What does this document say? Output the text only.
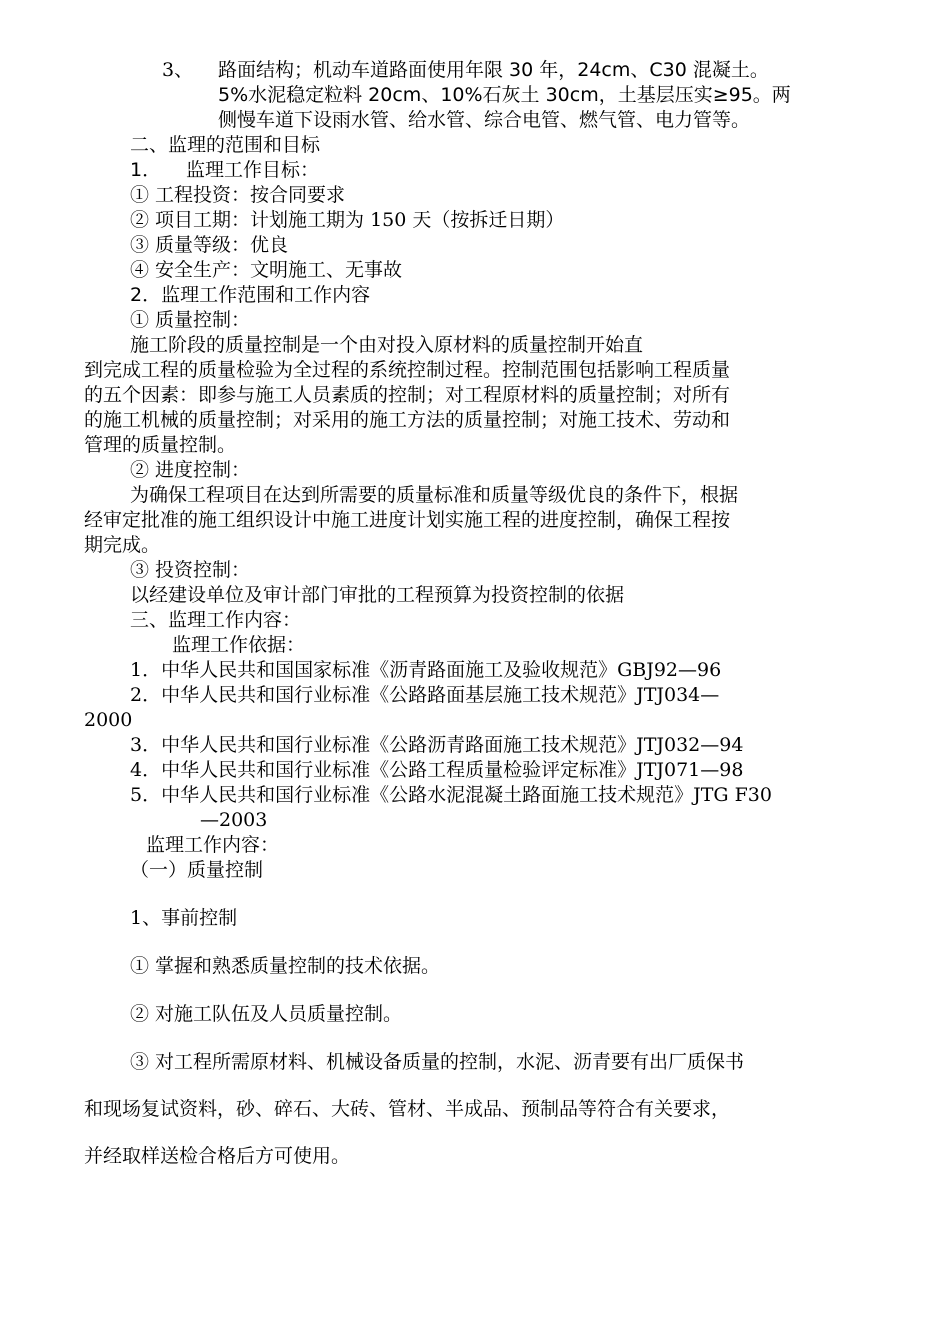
3、 路面结构；机动车道路面使用年限 30 年，24cm、C30 混凝土。
5%水泥稳定粒料 20cm、10%石灰土 30cm，土基层压实≥95。两
侧慢车道下设雨水管、给水管、综合电管、燃气管、电力管等。
二、监理的范围和目标
1． 监理工作目标：
① 工程投资：按合同要求
② 项目工期：计划施工期为 150 天（按拆迁日期）
③ 质量等级：优良
④ 安全生产：文明施工、无事故
2．监理工作范围和工作内容
① 质量控制：
施工阶段的质量控制是一个由对投入原材料的质量控制开始直
到完成工程的质量检验为全过程的系统控制过程。控制范围包括影响工程质量
的五个因素：即参与施工人员素质的控制；对工程原材料的质量控制；对所有
的施工机械的质量控制；对采用的施工方法的质量控制；对施工技术、劳动和
管理的质量控制。
② 进度控制：
为确保工程项目在达到所需要的质量标准和质量等级优良的条件下，根据
经审定批准的施工组织设计中施工进度计划实施工程的进度控制，确保工程按
期完成。
③ 投资控制：
以经建设单位及审计部门审批的工程预算为投资控制的依据
三、监理工作内容：
监理工作依据：
1．中华人民共和国国家标准《沥青路面施工及验收规范》GBJ92—96
2．中华人民共和国行业标准《公路路面基层施工技术规范》JTJ034—
2000
3．中华人民共和国行业标准《公路沥青路面施工技术规范》JTJ032—94
4．中华人民共和国行业标准《公路工程质量检验评定标准》JTJ071—98
5．中华人民共和国行业标准《公路水泥混凝土路面施工技术规范》JTG F30
—2003
监理工作内容：
（一）质量控制
1、事前控制
① 掌握和熟悉质量控制的技术依据。
② 对施工队伍及人员质量控制。
③ 对工程所需原材料、机械设备质量的控制，水泥、沥青要有出厂质保书
和现场复试资料，砂、碎石、大砖、管材、半成品、预制品等符合有关要求，
并经取样送检合格后方可使用。
